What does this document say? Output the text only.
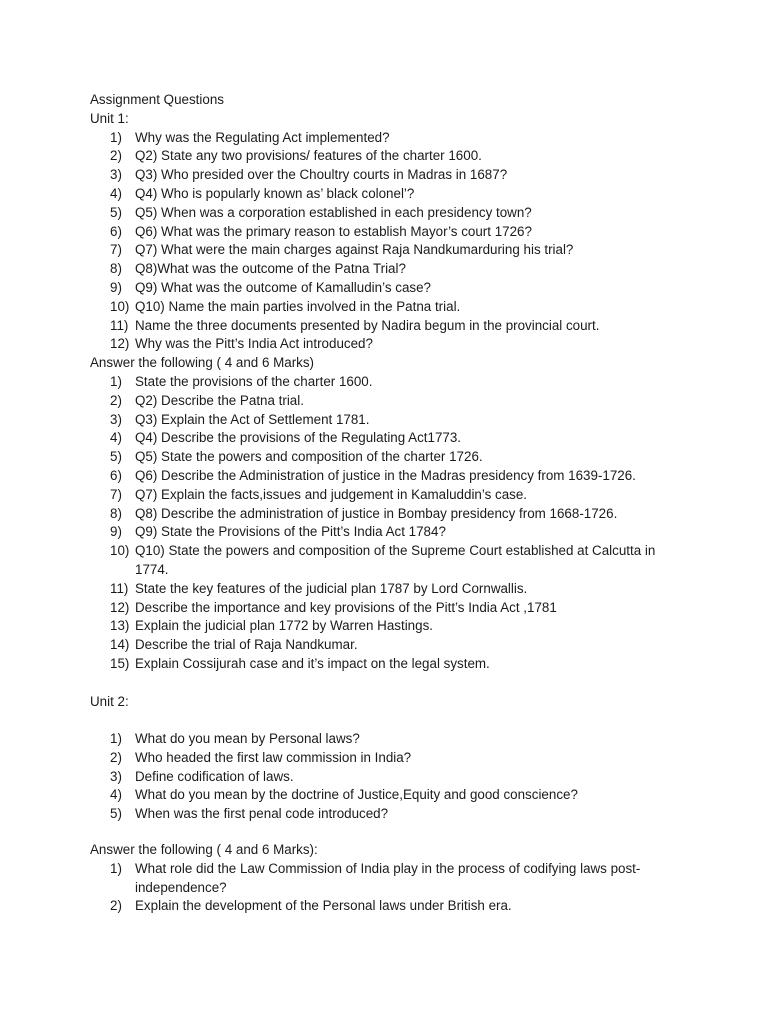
Assignment Questions
Unit 1:
1) Why was the Regulating Act implemented?
2) Q2) State any two provisions/ features of the charter 1600.
3) Q3) Who presided over the Choultry courts in Madras in 1687?
4) Q4) Who is popularly known as’ black colonel’?
5) Q5) When was a corporation established in each presidency town?
6) Q6) What was the primary reason to establish Mayor’s court 1726?
7) Q7) What were the main charges against Raja Nandkumarduring his trial?
8) Q8)What was the outcome of the Patna Trial?
9) Q9) What was the outcome of Kamalludin’s case?
10) Q10) Name the main parties involved in the Patna trial.
11) Name the three documents presented by Nadira begum in the provincial court.
12) Why was the Pitt’s India Act introduced?
Answer the following ( 4 and 6 Marks)
1) State the provisions of the charter 1600.
2) Q2) Describe the Patna trial.
3) Q3) Explain the Act of Settlement 1781.
4) Q4) Describe the provisions of the Regulating Act1773.
5) Q5) State the powers and composition of the charter 1726.
6) Q6) Describe the Administration of justice in the Madras presidency from 1639-1726.
7) Q7) Explain the facts,issues and judgement in Kamaluddin’s case.
8) Q8) Describe the administration of justice in Bombay presidency from 1668-1726.
9) Q9) State the Provisions of the Pitt’s India Act 1784?
10) Q10) State the powers and composition of the Supreme Court established at Calcutta in 1774.
11) State the key features of the judicial plan 1787 by Lord Cornwallis.
12) Describe the importance and key provisions of the Pitt’s India Act ,1781
13) Explain the judicial plan 1772 by Warren Hastings.
14) Describe the trial of Raja Nandkumar.
15) Explain Cossijurah case and it’s impact on the legal system.
Unit 2:
1) What do you mean by Personal laws?
2) Who headed the first law commission in India?
3) Define codification of laws.
4) What do you mean by the doctrine of Justice,Equity and good conscience?
5) When was the first penal code introduced?
Answer the following ( 4 and 6 Marks):
1) What role did the Law Commission of India play in the process of codifying laws post-independence?
2) Explain the development of the Personal laws under British era.
